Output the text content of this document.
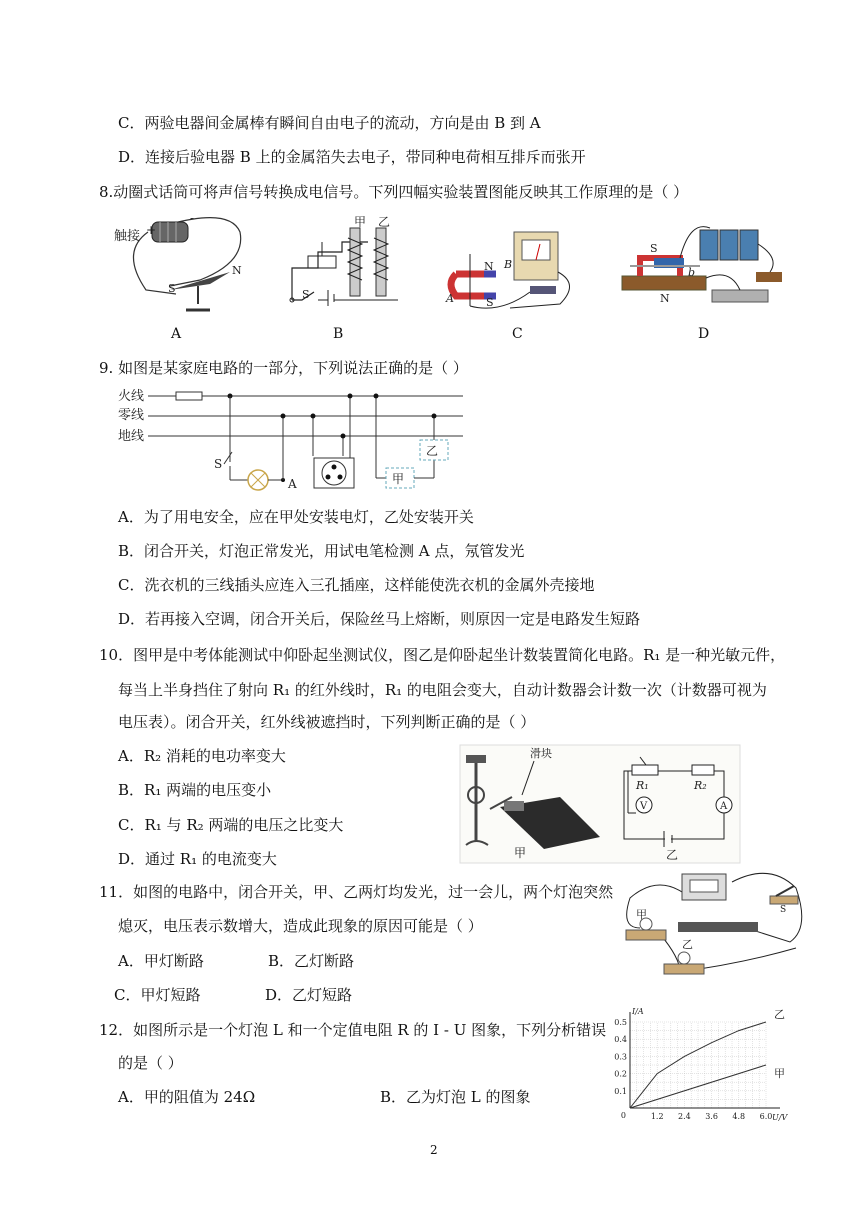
C．两验电器间金属棒有瞬间自由电子的流动，方向是由 B 到 A
D．连接后验电器 B 上的金属箔失去电子，带同种电荷相互排斥而张开
8.动圈式话筒可将声信号转换成电信号。下列四幅实验装置图能反映其工作原理的是（ ）
触接 +
-
S
N
A
甲 乙
S
B
N B
A	S
C
S
N
b
D
9. 如图是某家庭电路的一部分，下列说法正确的是（ ）
火线
零线
地线
S
A	甲
乙
A．为了用电安全，应在甲处安装电灯，乙处安装开关
B．闭合开关，灯泡正常发光，用试电笔检测 A 点，氖管发光
C．洗衣机的三线插头应连入三孔插座，这样能使洗衣机的金属外壳接地
D．若再接入空调，闭合开关后，保险丝马上熔断，则原因一定是电路发生短路
10．图甲是中考体能测试中仰卧起坐测试仪，图乙是仰卧起坐计数装置简化电路。R₁ 是一种光敏元件，
每当上半身挡住了射向 R₁ 的红外线时，R₁ 的电阻会变大，自动计数器会计数一次（计数器可视为
电压表）。闭合开关，红外线被遮挡时，下列判断正确的是（ ）
A．R₂ 消耗的电功率变大
B．R₁ 两端的电压变小
C．R₁ 与 R₂ 两端的电压之比变大
D．通过 R₁ 的电流变大
滑块
甲
R₁
V
R₂
A
乙
11．如图的电路中，闭合开关，甲、乙两灯均发光，过一会儿，两个灯泡突然
熄灭，电压表示数增大，造成此现象的原因可能是（ ）
A．甲灯断路	B．乙灯断路
C．甲灯短路	D．乙灯短路
甲	S
乙
12．如图所示是一个灯泡 L 和一个定值电阻 R 的 I - U 图象，下列分析错误
的是（ ）
A．甲的阻值为 24Ω	B．乙为灯泡 L 的图象
1.2 2.4 3.6 4.8 6.0
0.1
0.2
0.3
0.4
0.5
0	U/V
I/A	乙
甲
2
